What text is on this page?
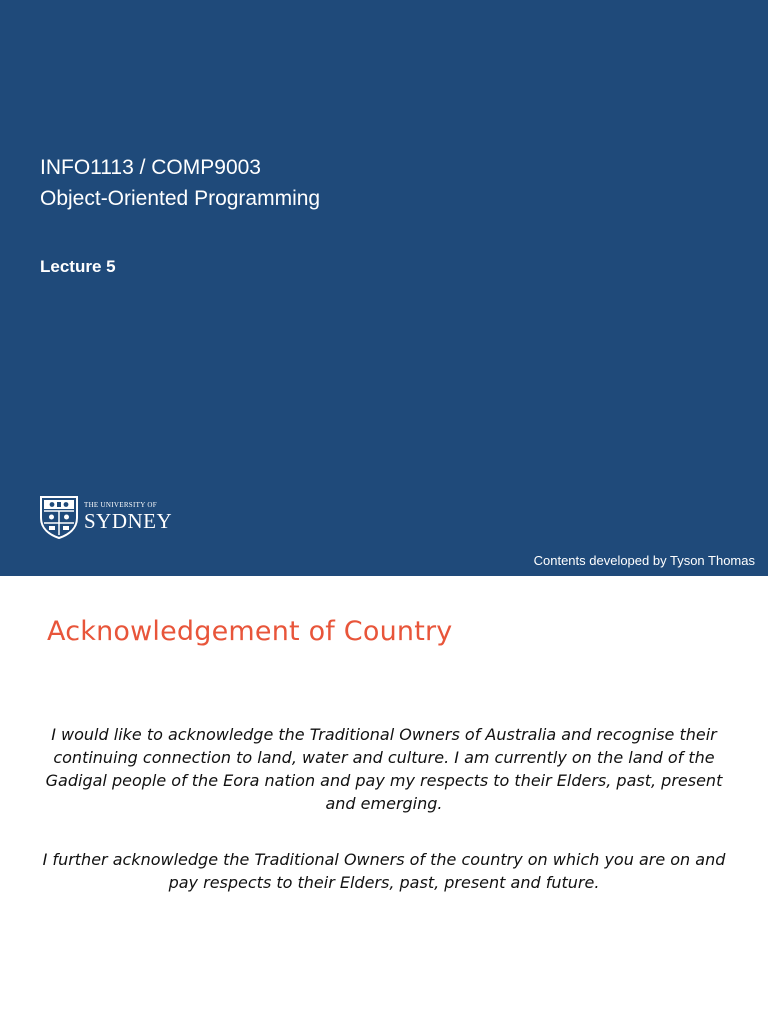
INFO1113 / COMP9003
Object-Oriented Programming
Lecture 5
THE UNIVERSITY OF
SYDNEY
Contents developed by Tyson Thomas
Acknowledgement of Country

I would like to acknowledge the Traditional Owners of Australia and recognise their continuing connection to land, water and culture. I am currently on the land of the Gadigal people of the Eora nation and pay my respects to their Elders, past, present and emerging.

I further acknowledge the Traditional Owners of the country on which you are on and pay respects to their Elders, past, present and future.
